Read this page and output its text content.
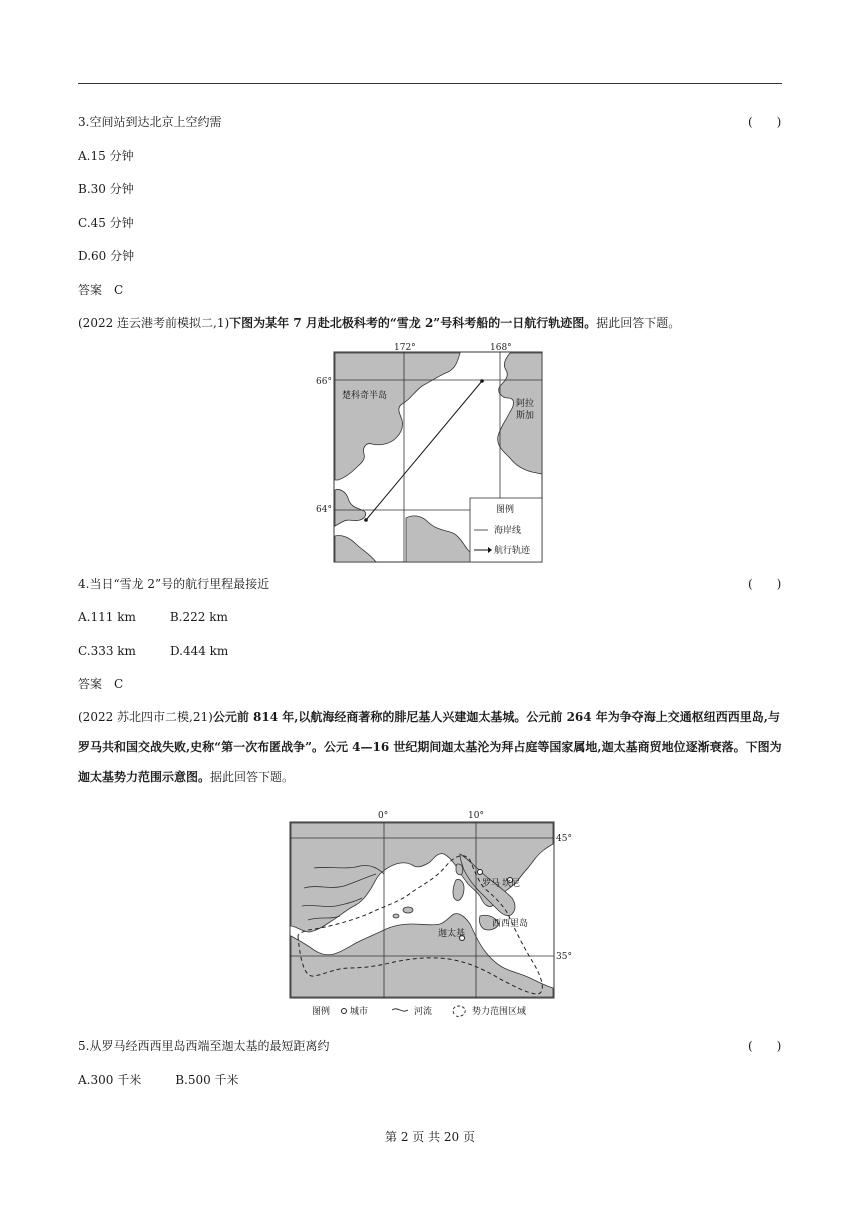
3.空间站到达北京上空约需	(　　)
A.15 分钟
B.30 分钟
C.45 分钟
D.60 分钟
答案　C
(2022 连云港考前模拟二,1)下图为某年 7 月赴北极科考的“雪龙 2”号科考船的一日航行轨迹图。据此回答下题。
172°	168°
66°
64°
楚科奇半岛
阿拉
斯加
图例
海岸线
航行轨迹
4.当日“雪龙 2”号的航行里程最接近	(　　)
A.111 km	B.222 km
C.333 km	D.444 km
答案　C
(2022 苏北四市二模,21)公元前 814 年,以航海经商著称的腓尼基人兴建迦太基城。公元前 264 年为争夺海上交通枢纽西西里岛,与罗马共和国交战失败,史称“第一次布匿战争”。公元 4—16 世纪期间迦太基沦为拜占庭等国家属地,迦太基商贸地位逐渐衰落。下图为迦太基势力范围示意图。据此回答下题。
0°	10°
45°
35°
罗马 坎尼
西西里岛
迦太基
图例 城市	河流	势力范围区域
5.从罗马经西西里岛西端至迦太基的最短距离约	(　　)
A.300 千米	B.500 千米
第 2 页 共 20 页
